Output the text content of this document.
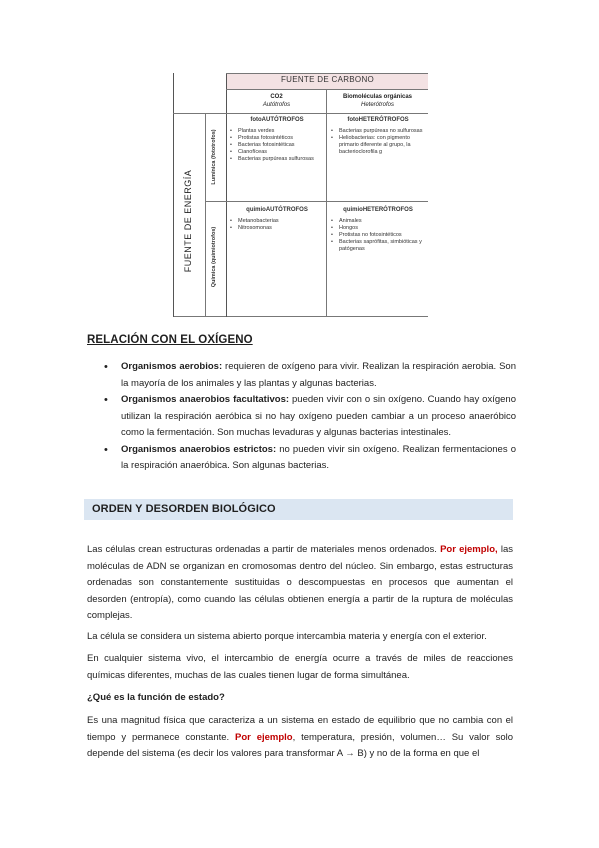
FUENTE DE CARBONO
CO2
Autótrofos
Biomoléculas orgánicas
Heterótrofos
FUENTE DE ENERGÍA
Lumínica (fototrofos)
Química (quimiotrofos)
fotoAUTÓTROFOS
• Plantas verdes
• Protistas fotosintéticos
• Bacterias fotosintéticas
• Cianofíceas
• Bacterias purpúreas sulfurosas
fotoHETERÓTROFOS
• Bacterias purpúreas no sulfurosas
• Heliobacterias: con pigmento primario diferente al grupo, la bacterioclorofila g
quimioAUTÓTROFOS
• Metanobacterias
• Nitrosomonas
quimioHETERÓTROFOS
• Animales
• Hongos
• Protistas no fotosintéticos
• Bacterias saprófitas, simbióticas y patógenas
RELACIÓN CON EL OXÍGENO
• Organismos aerobios: requieren de oxígeno para vivir. Realizan la respiración aerobia. Son la mayoría de los animales y las plantas y algunas bacterias.
• Organismos anaerobios facultativos: pueden vivir con o sin oxígeno. Cuando hay oxígeno utilizan la respiración aeróbica si no hay oxígeno pueden cambiar a un proceso anaeróbico como la fermentación. Son muchas levaduras y algunas bacterias intestinales.
• Organismos anaerobios estrictos: no pueden vivir sin oxígeno. Realizan fermentaciones o la respiración anaeróbica. Son algunas bacterias.
ORDEN Y DESORDEN BIOLÓGICO

Las células crean estructuras ordenadas a partir de materiales menos ordenados. Por ejemplo, las moléculas de ADN se organizan en cromosomas dentro del núcleo. Sin embargo, estas estructuras ordenadas son constantemente sustituidas o descompuestas en procesos que aumentan el desorden (entropía), como cuando las células obtienen energía a partir de la ruptura de moléculas complejas.

La célula se considera un sistema abierto porque intercambia materia y energía con el exterior.

En cualquier sistema vivo, el intercambio de energía ocurre a través de miles de reacciones químicas diferentes, muchas de las cuales tienen lugar de forma simultánea.

¿Qué es la función de estado?

Es una magnitud física que caracteriza a un sistema en estado de equilibrio que no cambia con el tiempo y permanece constante. Por ejemplo, temperatura, presión, volumen… Su valor solo depende del sistema (es decir los valores para transformar A → B) y no de la forma en que el
